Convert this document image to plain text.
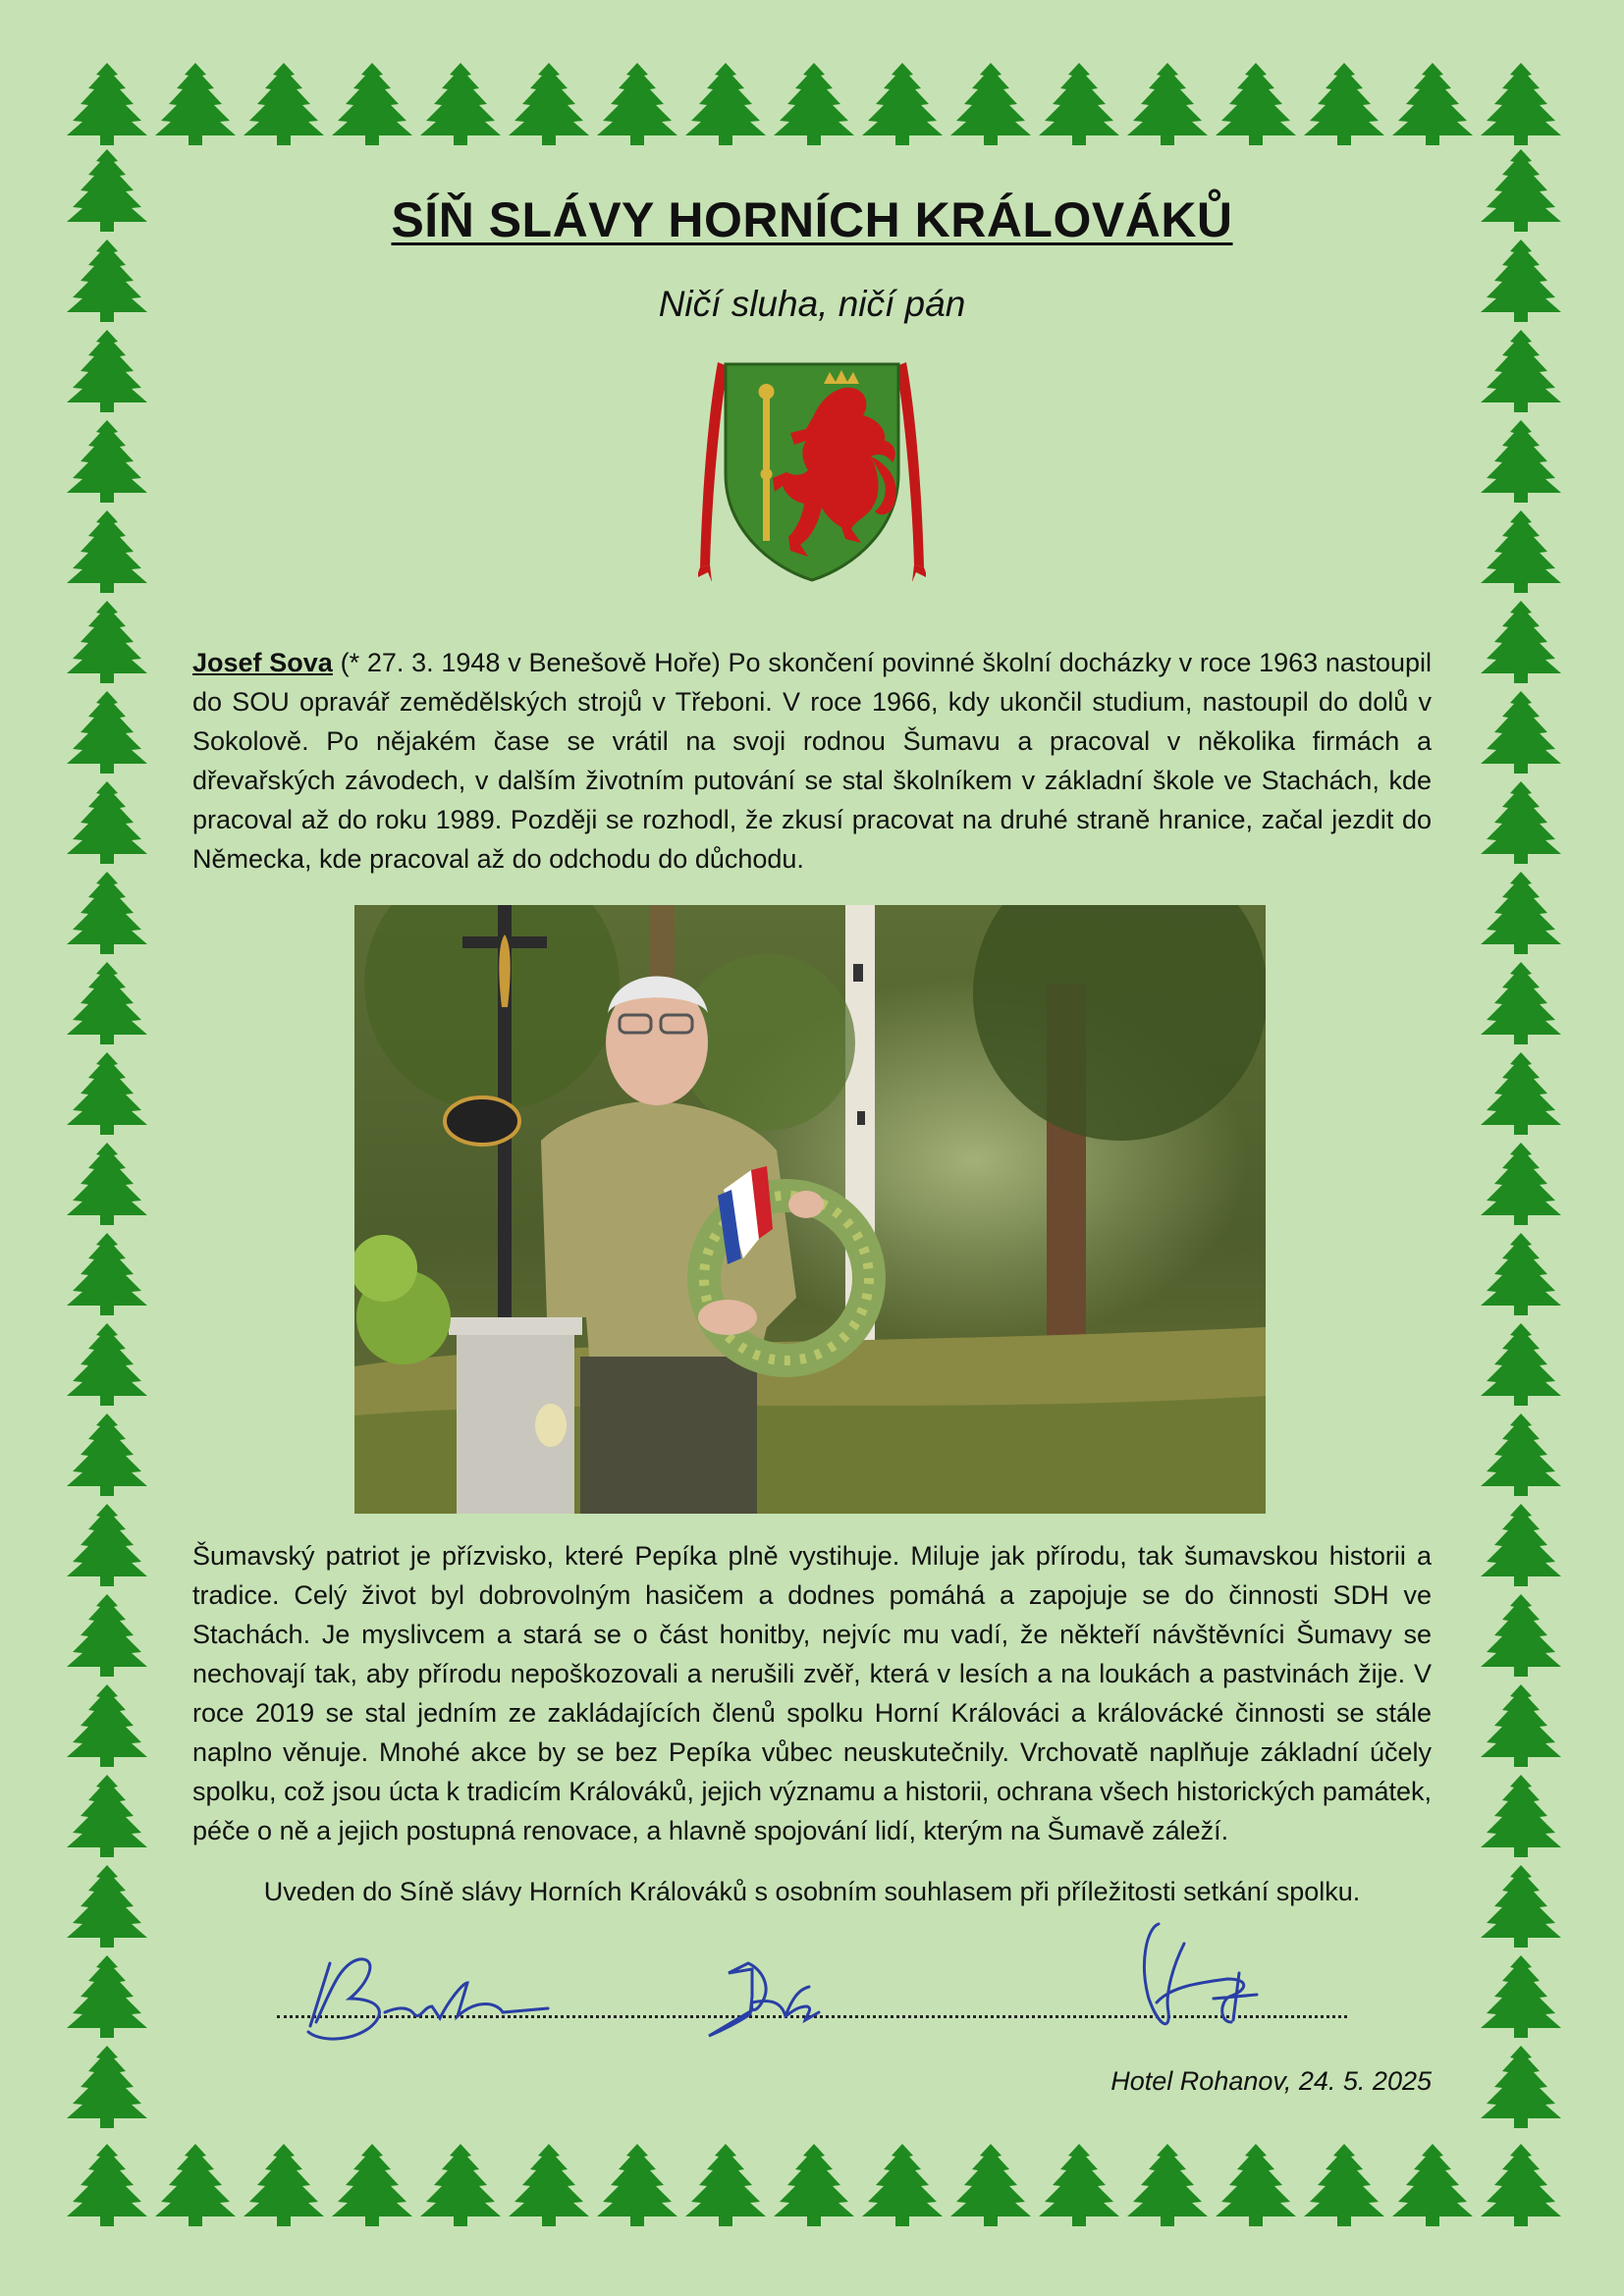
SÍŇ SLÁVY HORNÍCH KRÁLOVÁKŮ
Ničí sluha, ničí pán

Josef Sova (* 27. 3. 1948 v Benešově Hoře) Po skončení povinné školní docházky v roce 1963 nastoupil do SOU opravář zemědělských strojů v Třeboni. V roce 1966, kdy ukončil studium, nastoupil do dolů v Sokolově. Po nějakém čase se vrátil na svoji rodnou Šumavu a pracoval v několika firmách a dřevařských závodech, v dalším životním putování se stal školníkem v základní škole ve Stachách, kde pracoval až do roku 1989. Později se rozhodl, že zkusí pracovat na druhé straně hranice, začal jezdit do Německa, kde pracoval až do odchodu do důchodu.

Šumavský patriot je přízvisko, které Pepíka plně vystihuje. Miluje jak přírodu, tak šumavskou historii a tradice. Celý život byl dobrovolným hasičem a dodnes pomáhá a zapojuje se do činnosti SDH ve Stachách. Je myslivcem a stará se o část honitby, nejvíc mu vadí, že někteří návštěvníci Šumavy se nechovají tak, aby přírodu nepoškozovali a nerušili zvěř, která v lesích a na loukách a pastvinách žije. V roce 2019 se stal jedním ze zakládajících členů spolku Horní Králováci a královácké činnosti se stále naplno věnuje. Mnohé akce by se bez Pepíka vůbec neuskutečnily. Vrchovatě naplňuje základní účely spolku, což jsou úcta k tradicím Králováků, jejich významu a historii, ochrana všech historických památek, péče o ně a jejich postupná renovace, a hlavně spojování lidí, kterým na Šumavě záleží.

Uveden do Síně slávy Horních Králováků s osobním souhlasem při příležitosti setkání spolku.
Hotel Rohanov, 24. 5. 2025
